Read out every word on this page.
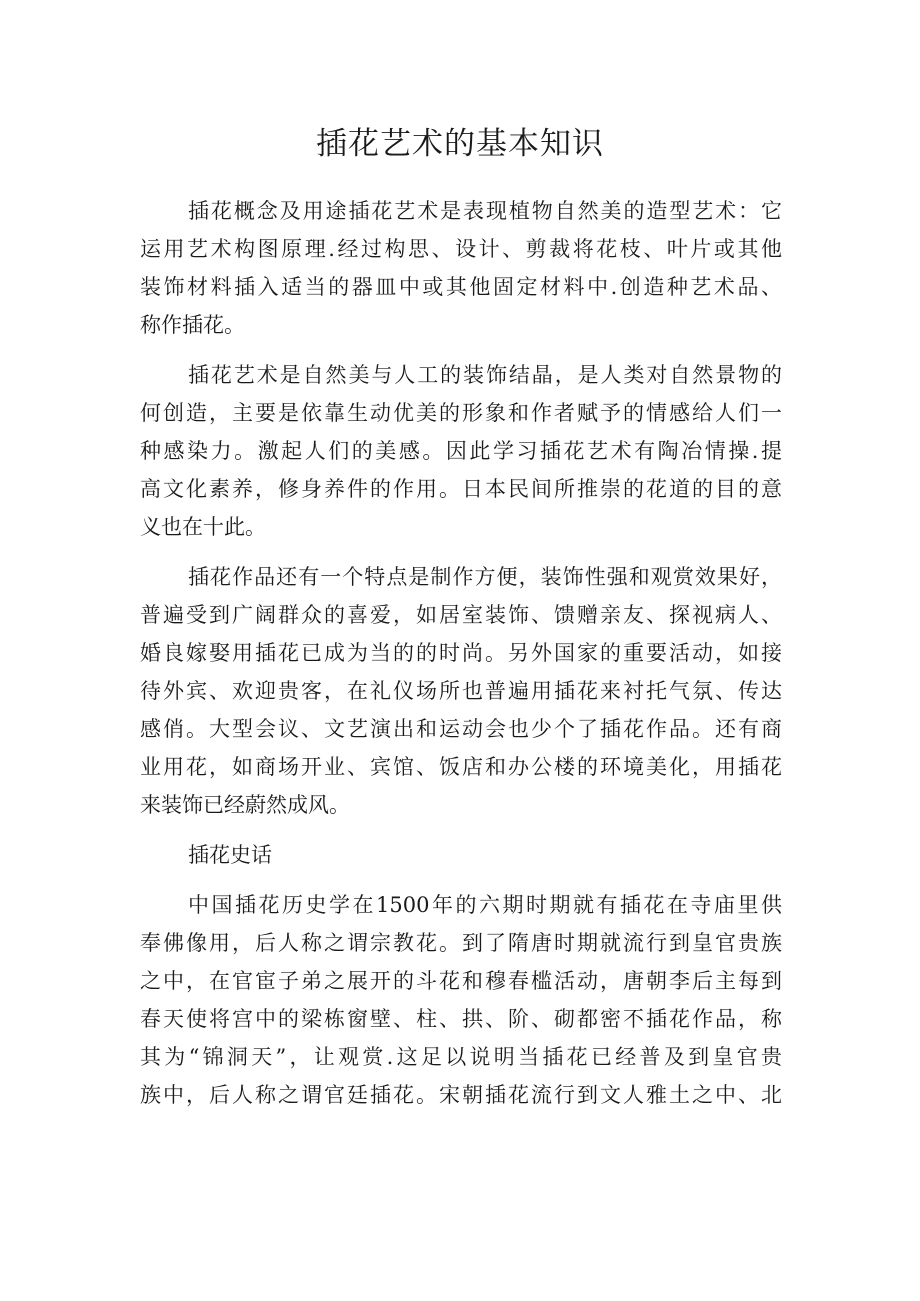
插花艺术的基本知识
插花概念及用途插花艺术是表现植物自然美的造型艺术：它
运用艺术构图原理.经过构思、设计、剪裁将花枝、叶片或其他
装饰材料插入适当的器皿中或其他固定材料中.创造种艺术品、
称作插花。
插花艺术是自然美与人工的装饰结晶，是人类对自然景物的
何创造，主要是依靠生动优美的形象和作者赋予的情感给人们一
种感染力。激起人们的美感。因此学习插花艺术有陶冶情操.提
高文化素养，修身养件的作用。日本民间所推崇的花道的目的意
义也在十此。
插花作品还有一个特点是制作方便，装饰性强和观赏效果好，
普遍受到广阔群众的喜爱，如居室装饰、馈赠亲友、探视病人、
婚良嫁娶用插花已成为当的的时尚。另外国家的重要活动，如接
待外宾、欢迎贵客，在礼仪场所也普遍用插花来衬托气氛、传达
感俏。大型会议、文艺演出和运动会也少个了插花作品。还有商
业用花，如商场开业、宾馆、饭店和办公楼的环境美化，用插花
来装饰已经蔚然成风。
插花史话
中国插花历史学在1500年的六期时期就有插花在寺庙里供
奉佛像用，后人称之谓宗教花。到了隋唐时期就流行到皇官贵族
之中，在官宦子弟之展开的斗花和穆春槛活动，唐朝李后主每到
春天使将宫中的梁栋窗壁、柱、拱、阶、砌都密不插花作品，称
其为“锦洞天”，让观赏.这足以说明当插花已经普及到皇官贵
族中，后人称之谓官廷插花。宋朝插花流行到文人雅土之中、北
